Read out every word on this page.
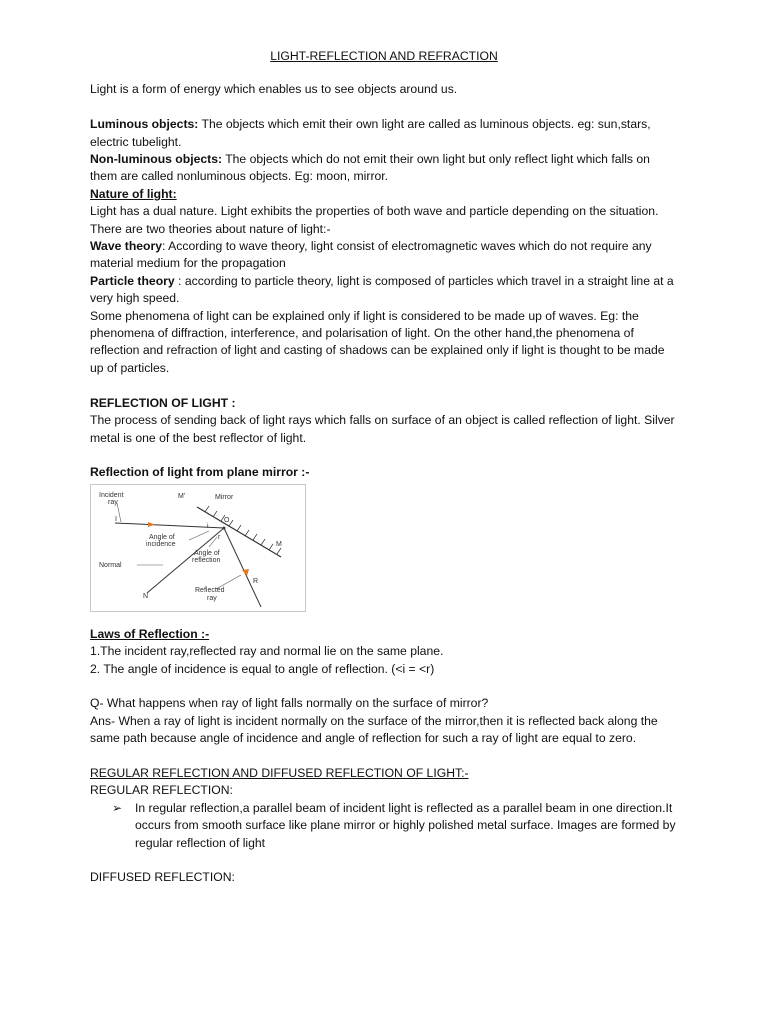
LIGHT-REFLECTION AND REFRACTION

Light is a form of energy which enables us to see objects around us.

Luminous objects: The objects which emit their own light are called as luminous objects. eg: sun,stars, electric tubelight.

Non-luminous objects: The objects which do not emit their own light but only reflect light which falls on them are called nonluminous objects. Eg: moon, mirror.

Nature of light:

Light has a dual nature. Light exhibits the properties of both wave and particle depending on the situation. There are two theories about nature of light:-

Wave theory: According to wave theory, light consist of electromagnetic waves which do not require any material medium for the propagation

Particle theory : according to particle theory, light is composed of particles which travel in a straight line at a very high speed.

Some phenomena of light can be explained only if light is considered to be made up of waves. Eg: the phenomena of diffraction, interference, and polarisation of light. On the other hand,the phenomena of reflection and refraction of light and casting of shadows can be explained only if light is thought to be made up of particles.

REFLECTION OF LIGHT :

The process of sending back of light rays which falls on surface of an object is called reflection of light. Silver metal is one of the best reflector of light.

Reflection of light from plane mirror :-

Incident
ray
M'	Mirror
O
I
i
r
Angle of
incidence
Angle of
reflection
M
Normal
N
R
Reflected
ray

Laws of Reflection :-

1.The incident ray,reflected ray and normal lie on the same plane.

2. The angle of incidence is equal to angle of reflection. (<i = <r)

Q- What happens when ray of light falls normally on the surface of mirror?

Ans- When a ray of light is incident normally on the surface of the mirror,then it is reflected back along the same path because angle of incidence and angle of reflection for such a ray of light are equal to zero.

REGULAR REFLECTION AND DIFFUSED REFLECTION OF LIGHT:-

REGULAR REFLECTION:

➢ In regular reflection,a parallel beam of incident light is reflected as a parallel beam in one direction.It occurs from smooth surface like plane mirror or highly polished metal surface. Images are formed by regular reflection of light

DIFFUSED REFLECTION:
